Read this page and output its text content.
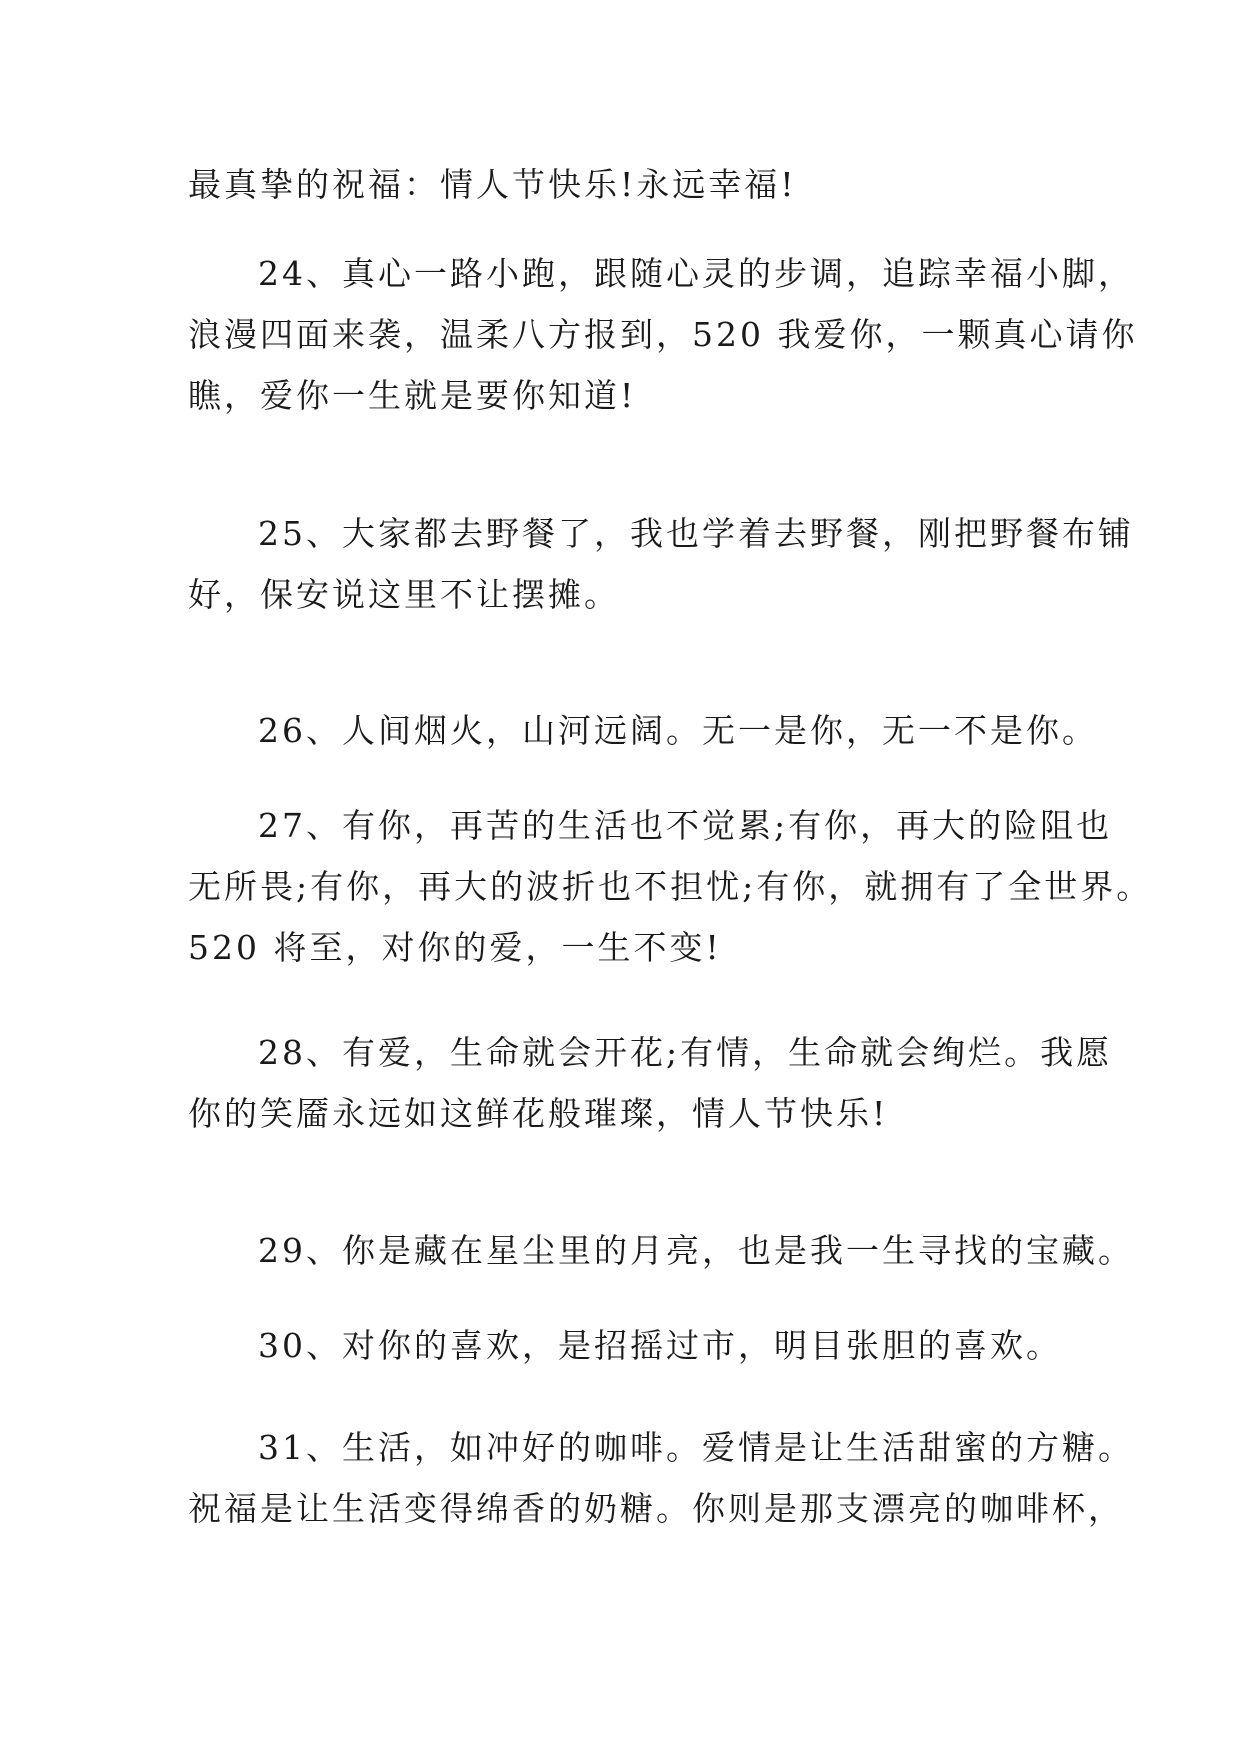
最真挚的祝福：情人节快乐!永远幸福!
24、真心一路小跑，跟随心灵的步调，追踪幸福小脚，
浪漫四面来袭，温柔八方报到，520 我爱你，一颗真心请你
瞧，爱你一生就是要你知道!
25、大家都去野餐了，我也学着去野餐，刚把野餐布铺
好，保安说这里不让摆摊。
26、人间烟火，山河远阔。无一是你，无一不是你。
27、有你，再苦的生活也不觉累;有你，再大的险阻也
无所畏;有你，再大的波折也不担忧;有你，就拥有了全世界。
520 将至，对你的爱，一生不变!
28、有爱，生命就会开花;有情，生命就会绚烂。我愿
你的笑靥永远如这鲜花般璀璨，情人节快乐!
29、你是藏在星尘里的月亮，也是我一生寻找的宝藏。
30、对你的喜欢，是招摇过市，明目张胆的喜欢。
31、生活，如冲好的咖啡。爱情是让生活甜蜜的方糖。
祝福是让生活变得绵香的奶糖。你则是那支漂亮的咖啡杯，
